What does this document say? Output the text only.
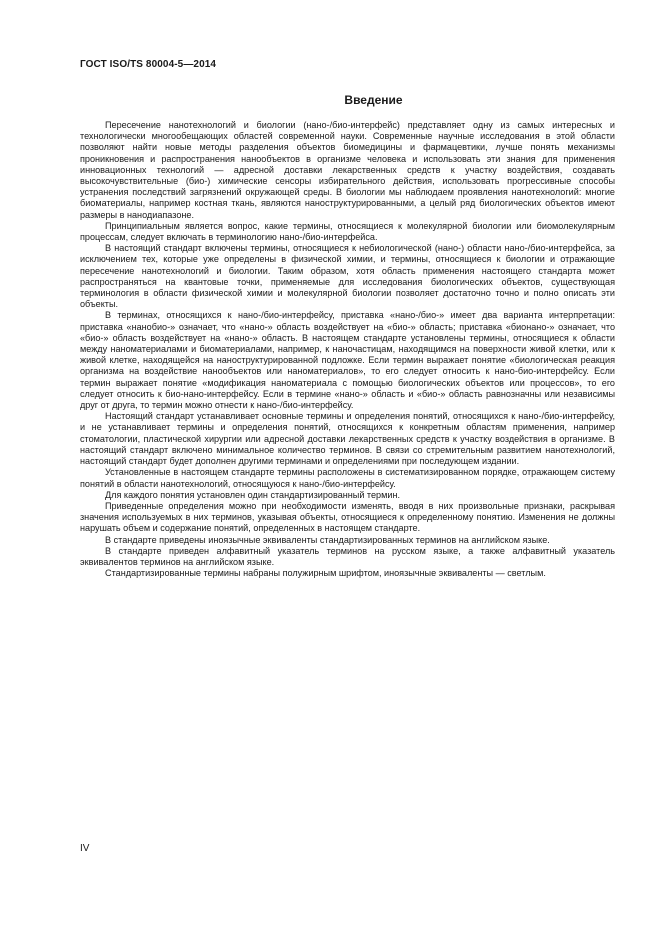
ГОСТ ISO/TS 80004-5—2014
Введение

Пересечение нанотехнологий и биологии (нано-/био-интерфейс) представляет одну из самых интересных и технологически многообещающих областей современной науки. Современные научные исследования в этой области позволяют найти новые методы разделения объектов биомедицины и фармацевтики, лучше понять механизмы проникновения и распространения нанообъектов в организме человека и использовать эти знания для применения инновационных технологий — адресной доставки лекарственных средств к участку воздействия, создавать высокочувствительные (био-) химические сенсоры избирательного действия, использовать прогрессивные способы устранения последствий загрязнений окружающей среды. В биологии мы наблюдаем проявления нанотехнологий: многие биоматериалы, например костная ткань, являются наноструктурированными, а целый ряд биологических объектов имеют размеры в нанодиапазоне.

Принципиальным является вопрос, какие термины, относящиеся к молекулярной биологии или биомолекулярным процессам, следует включать в терминологию нано-/био-интерфейса.

В настоящий стандарт включены термины, относящиеся к небиологической (нано-) области нано-/био-интерфейса, за исключением тех, которые уже определены в физической химии, и термины, относящиеся к биологии и отражающие пересечение нанотехнологий и биологии. Таким образом, хотя область применения настоящего стандарта может распространяться на квантовые точки, применяемые для исследования биологических объектов, существующая терминология в области физической химии и молекулярной биологии позволяет достаточно точно и полно описать эти объекты.

В терминах, относящихся к нано-/био-интерфейсу, приставка «нано-/био-» имеет два варианта интерпретации: приставка «нанобио-» означает, что «нано-» область воздействует на «био-» область; приставка «бионано-» означает, что «био-» область воздействует на «нано-» область. В настоящем стандарте установлены термины, относящиеся к области между наноматериалами и биоматериалами, например, к наночастицам, находящимся на поверхности живой клетки, или к живой клетке, находящейся на наноструктурированной подложке. Если термин выражает понятие «биологическая реакция организма на воздействие нанообъектов или наноматериалов», то его следует относить к нано-био-интерфейсу. Если термин выражает понятие «модификация наноматериала с помощью биологических объектов или процессов», то его следует относить к био-нано-интерфейсу. Если в термине «нано-» область и «био-» область равнозначны или независимы друг от друга, то термин можно отнести к нано-/био-интерфейсу.

Настоящий стандарт устанавливает основные термины и определения понятий, относящихся к нано-/био-интерфейсу, и не устанавливает термины и определения понятий, относящихся к конкретным областям применения, например стоматологии, пластической хирургии или адресной доставки лекарственных средств к участку воздействия в организме. В настоящий стандарт включено минимальное количество терминов. В связи со стремительным развитием нанотехнологий, настоящий стандарт будет дополнен другими терминами и определениями при последующем издании.

Установленные в настоящем стандарте термины расположены в систематизированном порядке, отражающем систему понятий в области нанотехнологий, относящуюся к нано-/био-интерфейсу.

Для каждого понятия установлен один стандартизированный термин.

Приведенные определения можно при необходимости изменять, вводя в них произвольные признаки, раскрывая значения используемых в них терминов, указывая объекты, относящиеся к определенному понятию. Изменения не должны нарушать объем и содержание понятий, определенных в настоящем стандарте.

В стандарте приведены иноязычные эквиваленты стандартизированных терминов на английском языке.

В стандарте приведен алфавитный указатель терминов на русском языке, а также алфавитный указатель эквивалентов терминов на английском языке.

Стандартизированные термины набраны полужирным шрифтом, иноязычные эквиваленты — светлым.

IV
